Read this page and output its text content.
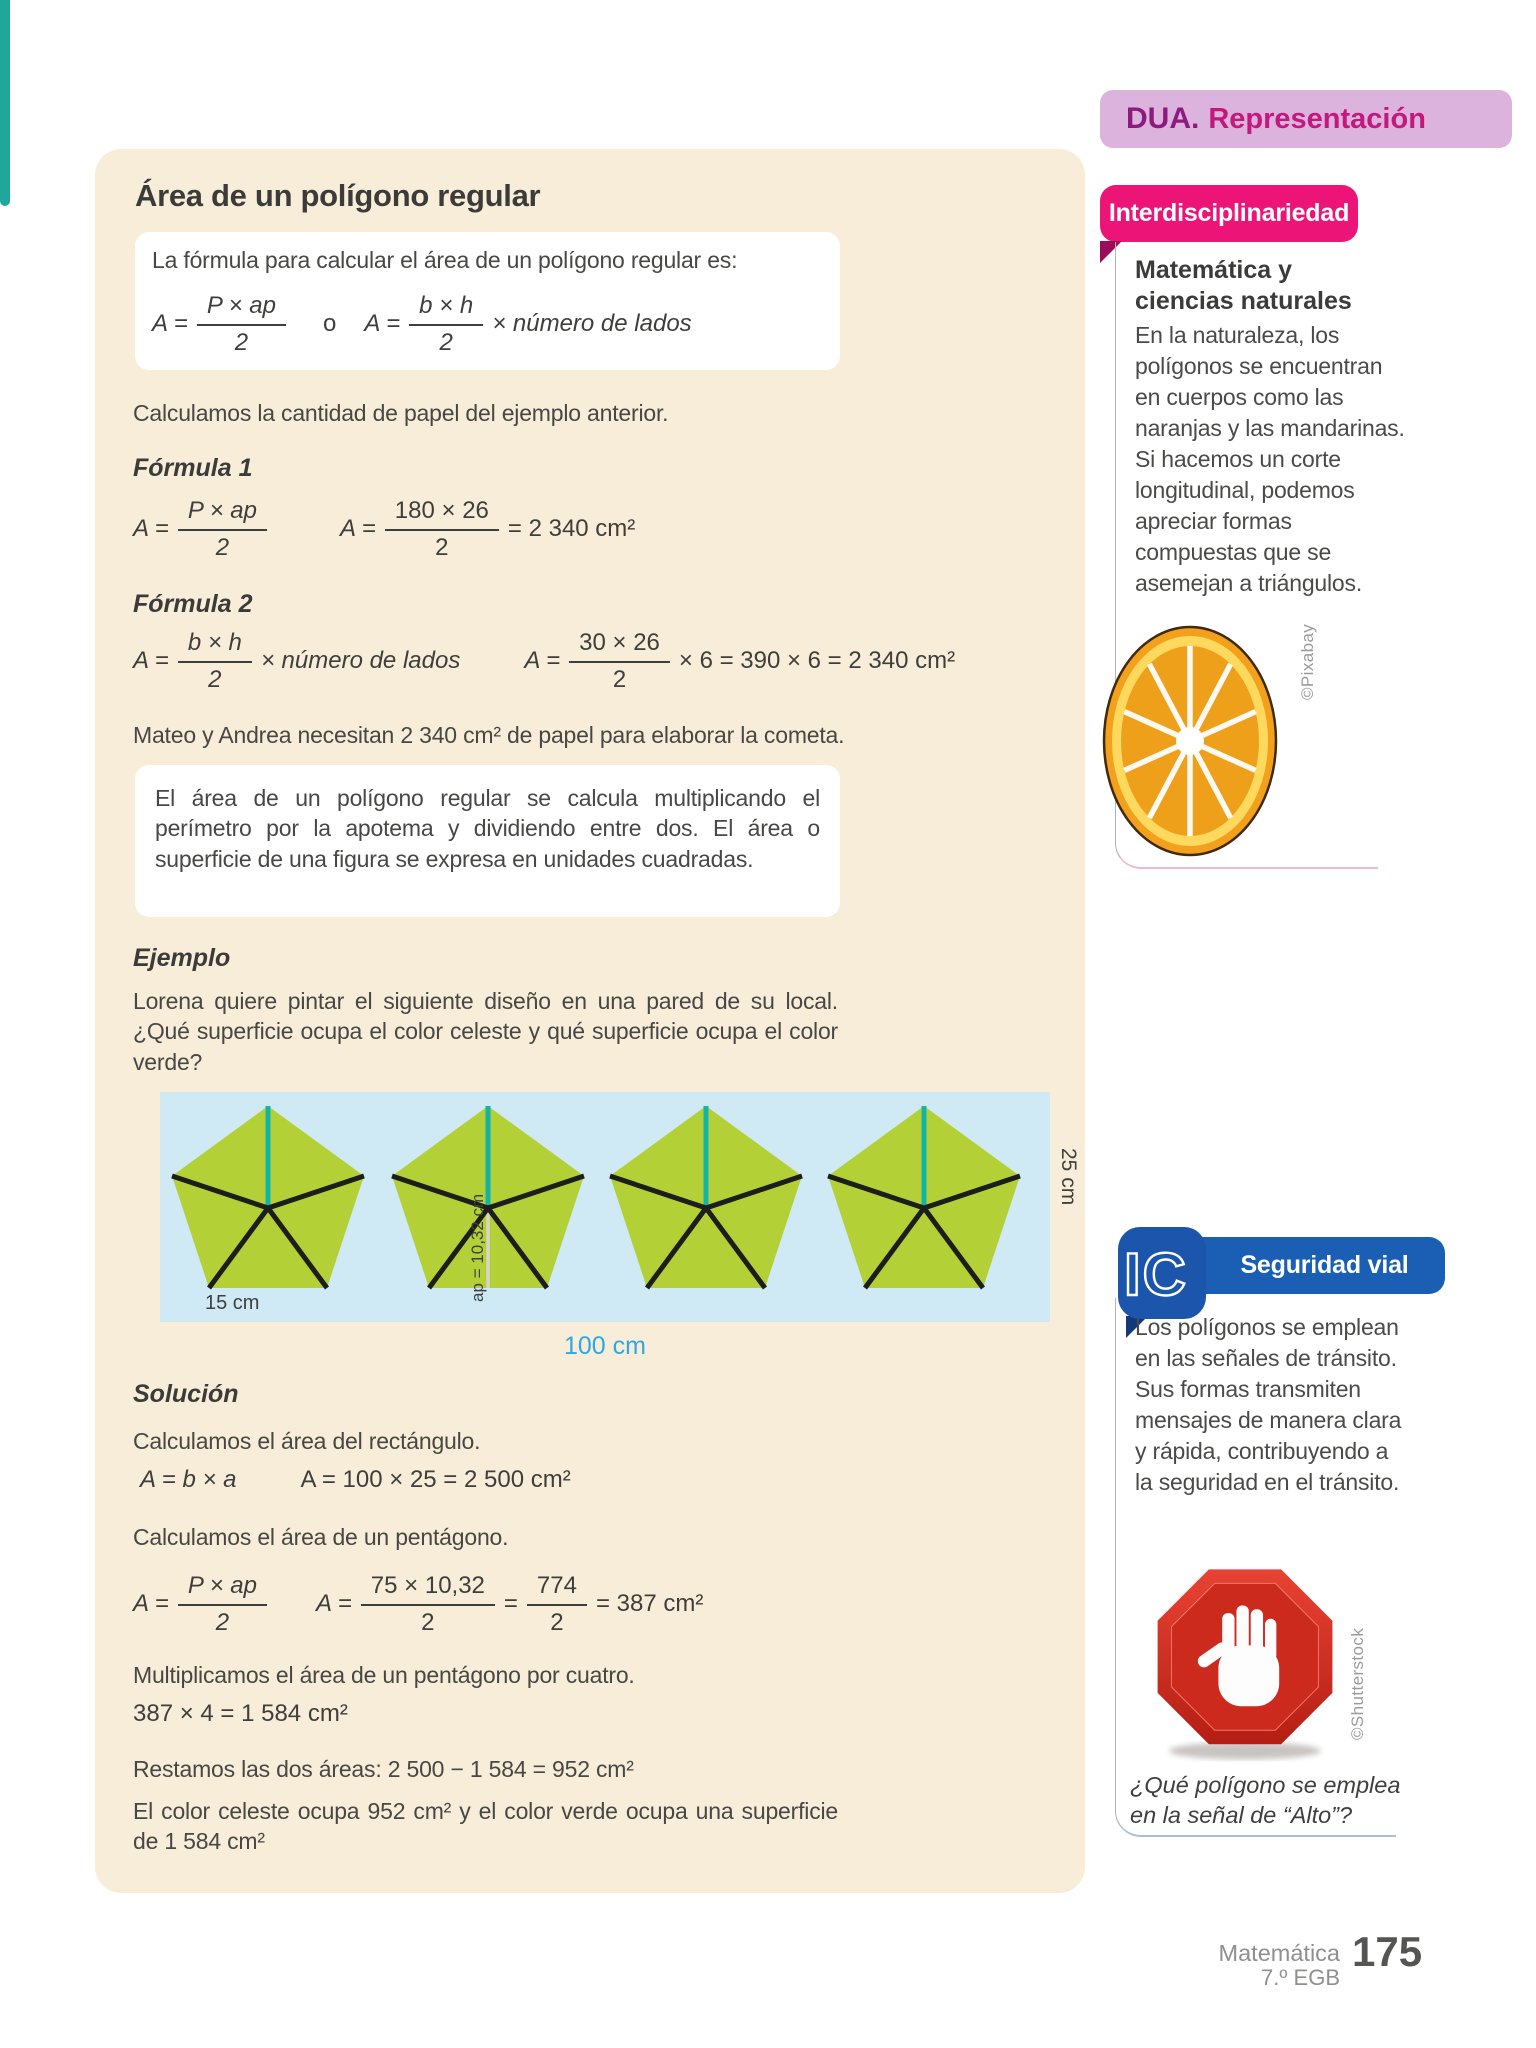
DUA. Representación
Área de un polígono regular
La fórmula para calcular el área de un polígono regular es:
$A = \frac{P \times ap}{2}$ o $A = \frac{b \times h}{2}$ × número de lados
Calculamos la cantidad de papel del ejemplo anterior.
Fórmula 1
$A = \frac{P \times ap}{2}$	$A = \frac{180 \times 26}{2} = 2$ 340 cm²
Fórmula 2
$A = \frac{b \times h}{2}$ × número de lados	$A = \frac{30 \times 26}{2} \times 6 = 390 \times 6 = 2$ 340 cm²
Mateo y Andrea necesitan 2 340 cm² de papel para elaborar la cometa.
El área de un polígono regular se calcula multiplicando el perímetro por la apotema y dividiendo entre dos. El área o superficie de una figura se expresa en unidades cuadradas.
Ejemplo
Lorena quiere pintar el siguiente diseño en una pared de su local. ¿Qué superficie ocupa el color celeste y qué superficie ocupa el color verde?
15 cm
ap = 10,32 cm
25 cm
100 cm
Solución
Calculamos el área del rectángulo.
A = b × a	A = 100 × 25 = 2 500 cm²
Calculamos el área de un pentágono.
$A = \frac{P \times ap}{2}$ $A = \frac{75 \times 10,32}{2} = \frac{774}{2} = 387$ cm²
Multiplicamos el área de un pentágono por cuatro.
387 × 4 = 1 584 cm²
Restamos las dos áreas: 2 500 − 1 584 = 952 cm²
El color celeste ocupa 952 cm² y el color verde ocupa una superficie de 1 584 cm²
Interdisciplinariedad
Matemática y ciencias naturales
En la naturaleza, los polígonos se encuentran en cuerpos como las naranjas y las mandarinas. Si hacemos un corte longitudinal, podemos apreciar formas compuestas que se asemejan a triángulos.
©Pixabay
Seguridad vial
IC
Los polígonos se emplean en las señales de tránsito. Sus formas transmiten mensajes de manera clara y rápida, contribuyendo a la seguridad en el tránsito.
©Shutterstock
¿Qué polígono se emplea en la señal de “Alto”?
Matemática
7.º EGB
175
